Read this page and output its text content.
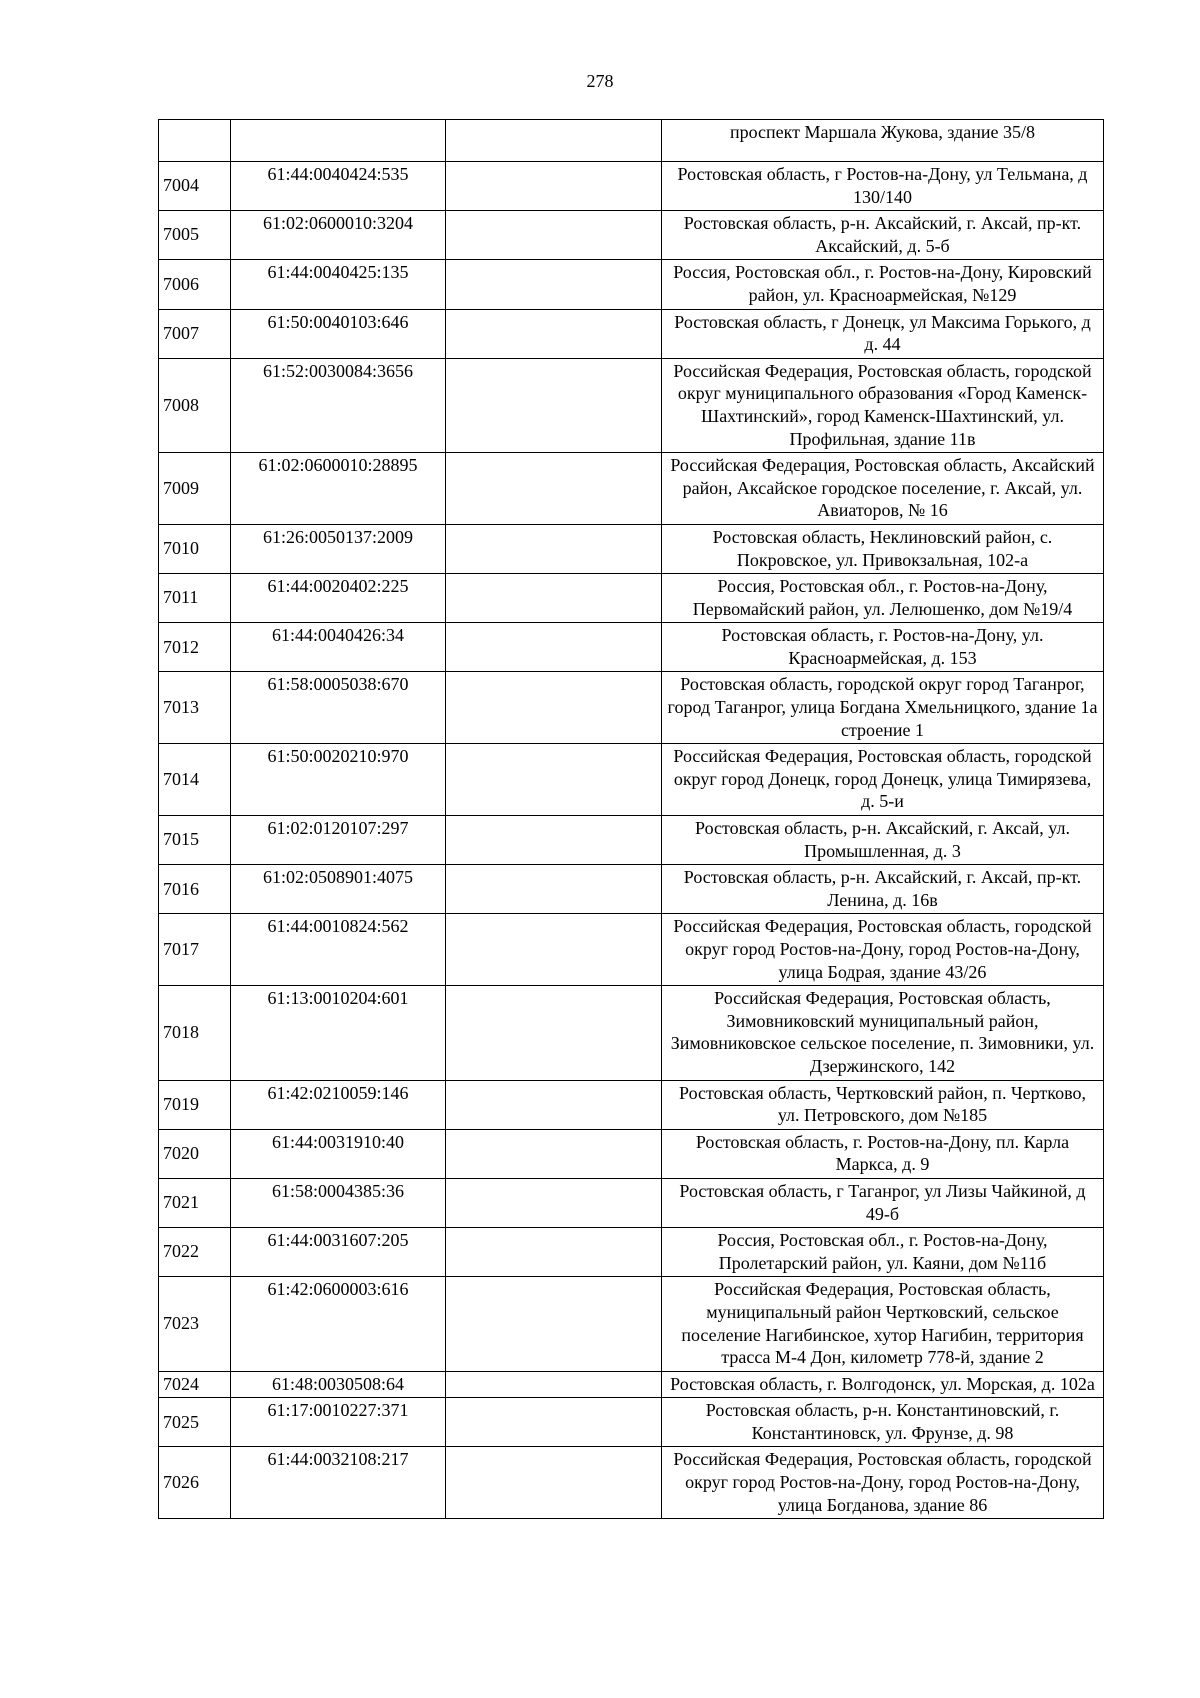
278
			проспект Маршала Жукова, здание 35/8
7004	61:44:0040424:535		Ростовская область, г Ростов-на-Дону, ул Тельмана, д 130/140
7005	61:02:0600010:3204		Ростовская область, р-н. Аксайский, г. Аксай, пр-кт. Аксайский, д. 5-б
7006	61:44:0040425:135		Россия, Ростовская обл., г. Ростов-на-Дону, Кировский район, ул. Красноармейская, №129
7007	61:50:0040103:646		Ростовская область, г Донецк, ул Максима Горького, д д. 44
7008	61:52:0030084:3656		Российская Федерация, Ростовская область, городской округ муниципального образования «Город Каменск-Шахтинский», город Каменск-Шахтинский, ул. Профильная, здание 11в
7009	61:02:0600010:28895		Российская Федерация, Ростовская область, Аксайский район, Аксайское городское поселение, г. Аксай, ул. Авиаторов, № 16
7010	61:26:0050137:2009		Ростовская область, Неклиновский район, с. Покровское, ул. Привокзальная, 102-а
7011	61:44:0020402:225		Россия, Ростовская обл., г. Ростов-на-Дону, Первомайский район, ул. Лелюшенко, дом №19/4
7012	61:44:0040426:34		Ростовская область, г. Ростов-на-Дону, ул. Красноармейская, д. 153
7013	61:58:0005038:670		Ростовская область, городской округ город Таганрог, город Таганрог, улица Богдана Хмельницкого, здание 1а строение 1
7014	61:50:0020210:970		Российская Федерация, Ростовская область, городской округ город Донецк, город Донецк, улица Тимирязева, д. 5-и
7015	61:02:0120107:297		Ростовская область, р-н. Аксайский, г. Аксай, ул. Промышленная, д. 3
7016	61:02:0508901:4075		Ростовская область, р-н. Аксайский, г. Аксай, пр-кт. Ленина, д. 16в
7017	61:44:0010824:562		Российская Федерация, Ростовская область, городской округ город Ростов-на-Дону, город Ростов-на-Дону, улица Бодрая, здание 43/26
7018	61:13:0010204:601		Российская Федерация, Ростовская область, Зимовниковский муниципальный район, Зимовниковское сельское поселение, п. Зимовники, ул. Дзержинского, 142
7019	61:42:0210059:146		Ростовская область, Чертковский район, п. Чертково, ул. Петровского, дом №185
7020	61:44:0031910:40		Ростовская область, г. Ростов-на-Дону, пл. Карла Маркса, д. 9
7021	61:58:0004385:36		Ростовская область, г Таганрог, ул Лизы Чайкиной, д 49-б
7022	61:44:0031607:205		Россия, Ростовская обл., г. Ростов-на-Дону, Пролетарский район, ул. Каяни, дом №11б
7023	61:42:0600003:616		Российская Федерация, Ростовская область, муниципальный район Чертковский, сельское поселение Нагибинское, хутор Нагибин, территория трасса М-4 Дон, километр 778-й, здание 2
7024	61:48:0030508:64		Ростовская область, г. Волгодонск, ул. Морская, д. 102а
7025	61:17:0010227:371		Ростовская область, р-н. Константиновский, г. Константиновск, ул. Фрунзе, д. 98
7026	61:44:0032108:217		Российская Федерация, Ростовская область, городской округ город Ростов-на-Дону, город Ростов-на-Дону, улица Богданова, здание 86
